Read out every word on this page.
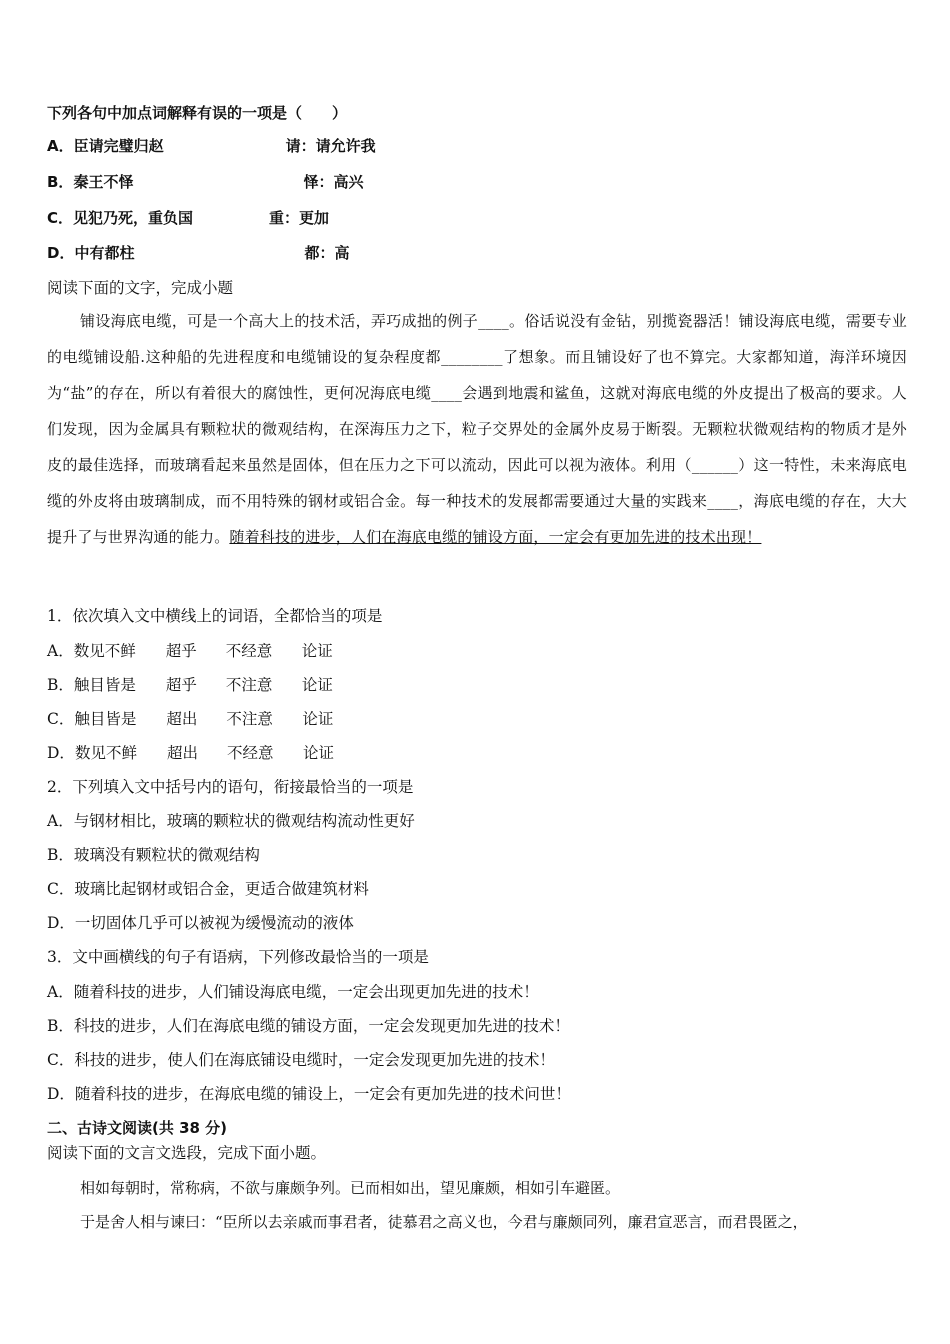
下列各句中加点词解释有误的一项是（　　）
A．臣请完璧归赵	请：请允许我
B．秦王不怿	怿：高兴
C．见犯乃死，重负国	重：更加
D．中有都柱	都：高
阅读下面的文字，完成小题

铺设海底电缆，可是一个高大上的技术活，弄巧成拙的例子____。俗话说没有金钻，别揽瓷器活！铺设海底电缆，需要专业的电缆铺设船.这种船的先进程度和电缆铺设的复杂程度都________了想象。而且铺设好了也不算完。大家都知道，海洋环境因为“盐”的存在，所以有着很大的腐蚀性，更何况海底电缆____会遇到地震和鲨鱼，这就对海底电缆的外皮提出了极高的要求。人们发现，因为金属具有颗粒状的微观结构，在深海压力之下，粒子交界处的金属外皮易于断裂。无颗粒状微观结构的物质才是外皮的最佳选择，而玻璃看起来虽然是固体，但在压力之下可以流动，因此可以视为液体。利用（______）这一特性，未来海底电缆的外皮将由玻璃制成，而不用特殊的钢材或铝合金。每一种技术的发展都需要通过大量的实践来____，海底电缆的存在，大大提升了与世界沟通的能力。随着科技的进步，人们在海底电缆的铺设方面，一定会有更加先进的技术出现！

1．依次填入文中横线上的词语，全都恰当的项是
A．数见不鲜 超乎 不经意 论证
B．触目皆是 超乎 不注意 论证
C．触目皆是 超出 不注意 论证
D．数见不鲜 超出 不经意 论证
2．下列填入文中括号内的语句，衔接最恰当的一项是
A．与钢材相比，玻璃的颗粒状的微观结构流动性更好
B．玻璃没有颗粒状的微观结构
C．玻璃比起钢材或铝合金，更适合做建筑材料
D．一切固体几乎可以被视为缓慢流动的液体
3．文中画横线的句子有语病，下列修改最恰当的一项是
A．随着科技的进步，人们铺设海底电缆，一定会出现更加先进的技术！
B．科技的进步，人们在海底电缆的铺设方面，一定会发现更加先进的技术！
C．科技的进步，使人们在海底铺设电缆时，一定会发现更加先进的技术！
D．随着科技的进步，在海底电缆的铺设上，一定会有更加先进的技术问世！
二、古诗文阅读(共 38 分)
阅读下面的文言文选段，完成下面小题。
相如每朝时，常称病，不欲与廉颇争列。已而相如出，望见廉颇，相如引车避匿。
于是舍人相与谏曰：“臣所以去亲戚而事君者，徒慕君之高义也，今君与廉颇同列，廉君宣恶言，而君畏匿之，
